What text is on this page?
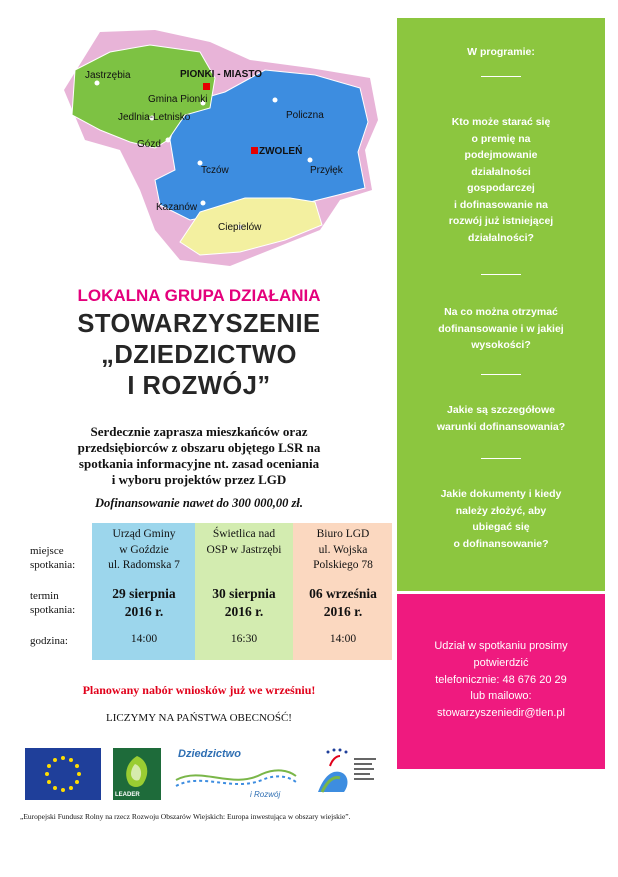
Jastrzębia	PIONKI - MIASTO
Gmina Pionki
Jedlnia-Letnisko
Gózd
Policzna
ZWOLEŃ
Tczów	Przyłęk
Kazanów
Ciepielów
LOKALNA GRUPA DZIAŁANIA
STOWARZYSZENIE
„DZIEDZICTWO
I ROZWÓJ”
Serdecznie zaprasza mieszkańców oraz
przedsiębiorców z obszaru objętego LSR na
spotkania informacyjne nt. zasad oceniania
i wyboru projektów przez LGD
Dofinansowanie nawet do 300 000,00 zł.
miejsce
spotkania:
termin
spotkania:
godzina:
Urząd Gminy
w Goździe
ul. Radomska 7
29 sierpnia
2016 r.
14:00
Świetlica nad
OSP w Jastrzębi
30 sierpnia
2016 r.
16:30
Biuro LGD
ul. Wojska
Polskiego 78
06 września
2016 r.
14:00
Planowany nabór wniosków już we wrześniu!
LICZYMY NA PAŃSTWA OBECNOŚĆ!
W programie:
Kto może starać się
o premię na
podejmowanie
działalności
gospodarczej
i dofinasowanie na
rozwój już istniejącej
działalności?
Na co można otrzymać
dofinansowanie i w jakiej
wysokości?
Jakie są szczegółowe
warunki dofinansowania?
Jakie dokumenty i kiedy
należy złożyć, aby
ubiegać się
o dofinansowanie?
Udział w spotkaniu prosimy
potwierdzić
telefonicznie: 48 676 20 29
lub mailowo:
stowarzyszeniedir@tlen.pl
LEADER
Dziedzictwo
i Rozwój
„Europejski Fundusz Rolny na rzecz Rozwoju Obszarów Wiejskich: Europa inwestująca w obszary wiejskie”.
